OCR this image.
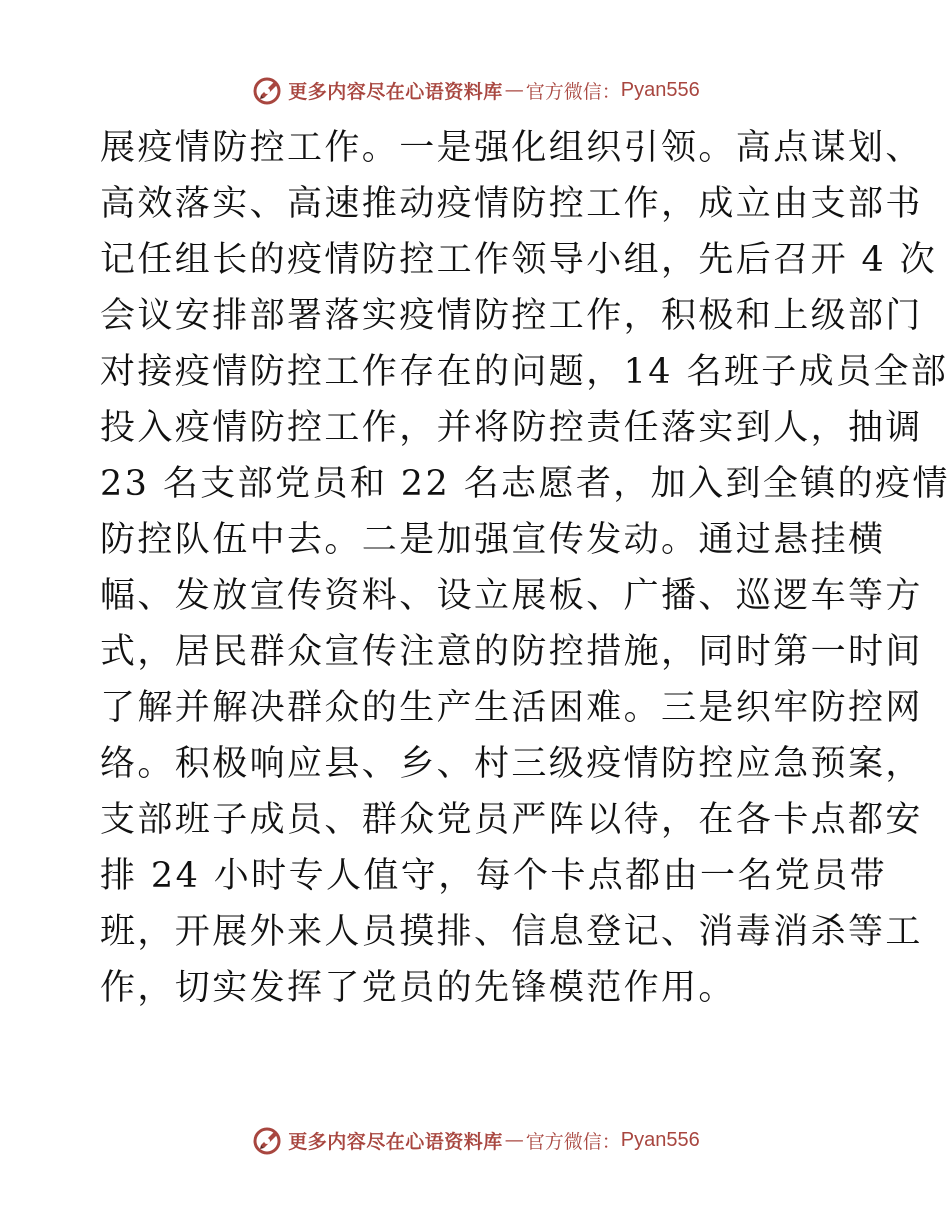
更多内容尽在心语资料库 — 官方微信： Pyan556
展疫情防控工作。一是强化组织引领。高点谋划、
高效落实、高速推动疫情防控工作，成立由支部书
记任组长的疫情防控工作领导小组，先后召开 4 次
会议安排部署落实疫情防控工作，积极和上级部门
对接疫情防控工作存在的问题，14 名班子成员全部
投入疫情防控工作，并将防控责任落实到人，抽调
23 名支部党员和 22 名志愿者，加入到全镇的疫情
防控队伍中去。二是加强宣传发动。通过悬挂横
幅、发放宣传资料、设立展板、广播、巡逻车等方
式，居民群众宣传注意的防控措施，同时第一时间
了解并解决群众的生产生活困难。三是织牢防控网
络。积极响应县、乡、村三级疫情防控应急预案，
支部班子成员、群众党员严阵以待，在各卡点都安
排 24 小时专人值守，每个卡点都由一名党员带
班，开展外来人员摸排、信息登记、消毒消杀等工
作，切实发挥了党员的先锋模范作用。
更多内容尽在心语资料库 — 官方微信： Pyan556
